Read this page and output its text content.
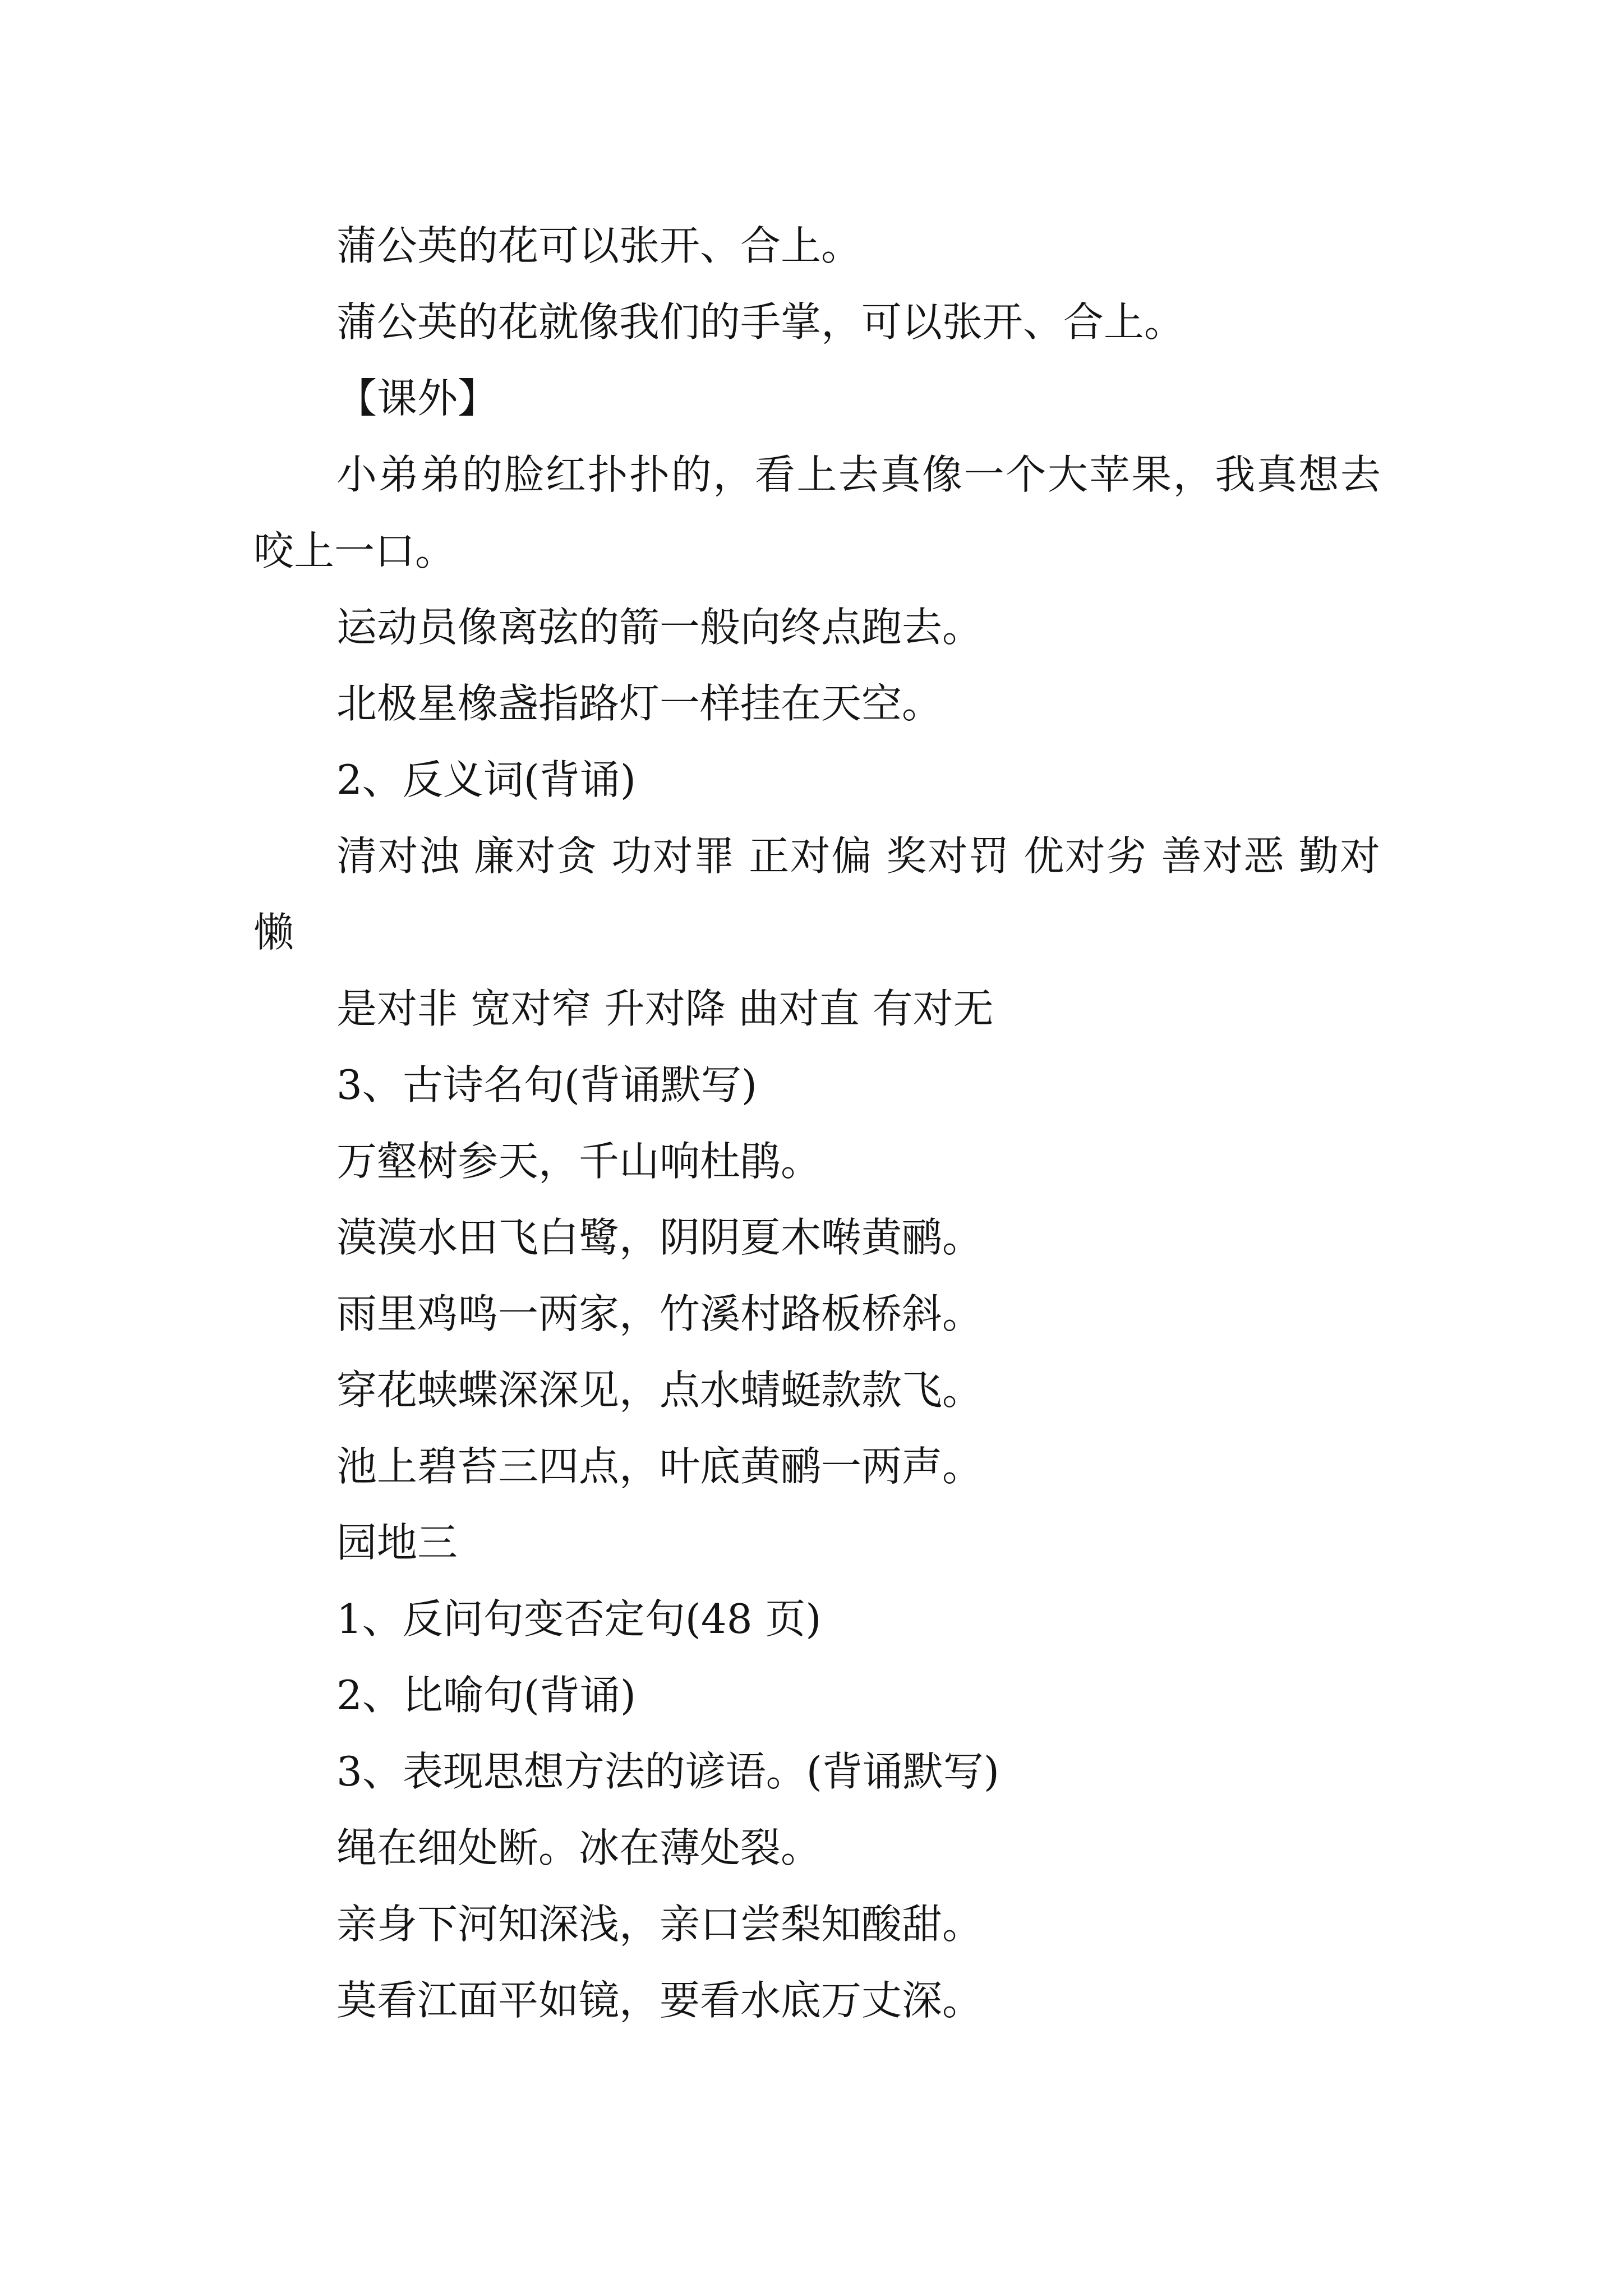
蒲公英的花可以张开、合上。

蒲公英的花就像我们的手掌，可以张开、合上。

【课外】

小弟弟的脸红扑扑的，看上去真像一个大苹果，我真想去咬上一口。

运动员像离弦的箭一般向终点跑去。

北极星橡盏指路灯一样挂在天空。

2、反义词(背诵)

清对浊 廉对贪 功对罪 正对偏 奖对罚 优对劣 善对恶 勤对懒

是对非 宽对窄 升对降 曲对直 有对无

3、古诗名句(背诵默写)

万壑树参天，千山响杜鹃。

漠漠水田飞白鹭，阴阴夏木啭黄鹂。

雨里鸡鸣一两家，竹溪村路板桥斜。

穿花蛱蝶深深见，点水蜻蜓款款飞。

池上碧苔三四点，叶底黄鹂一两声。

园地三

1、反问句变否定句(48 页)

2、比喻句(背诵)

3、表现思想方法的谚语。(背诵默写)

绳在细处断。冰在薄处裂。

亲身下河知深浅，亲口尝梨知酸甜。

莫看江面平如镜，要看水底万丈深。
